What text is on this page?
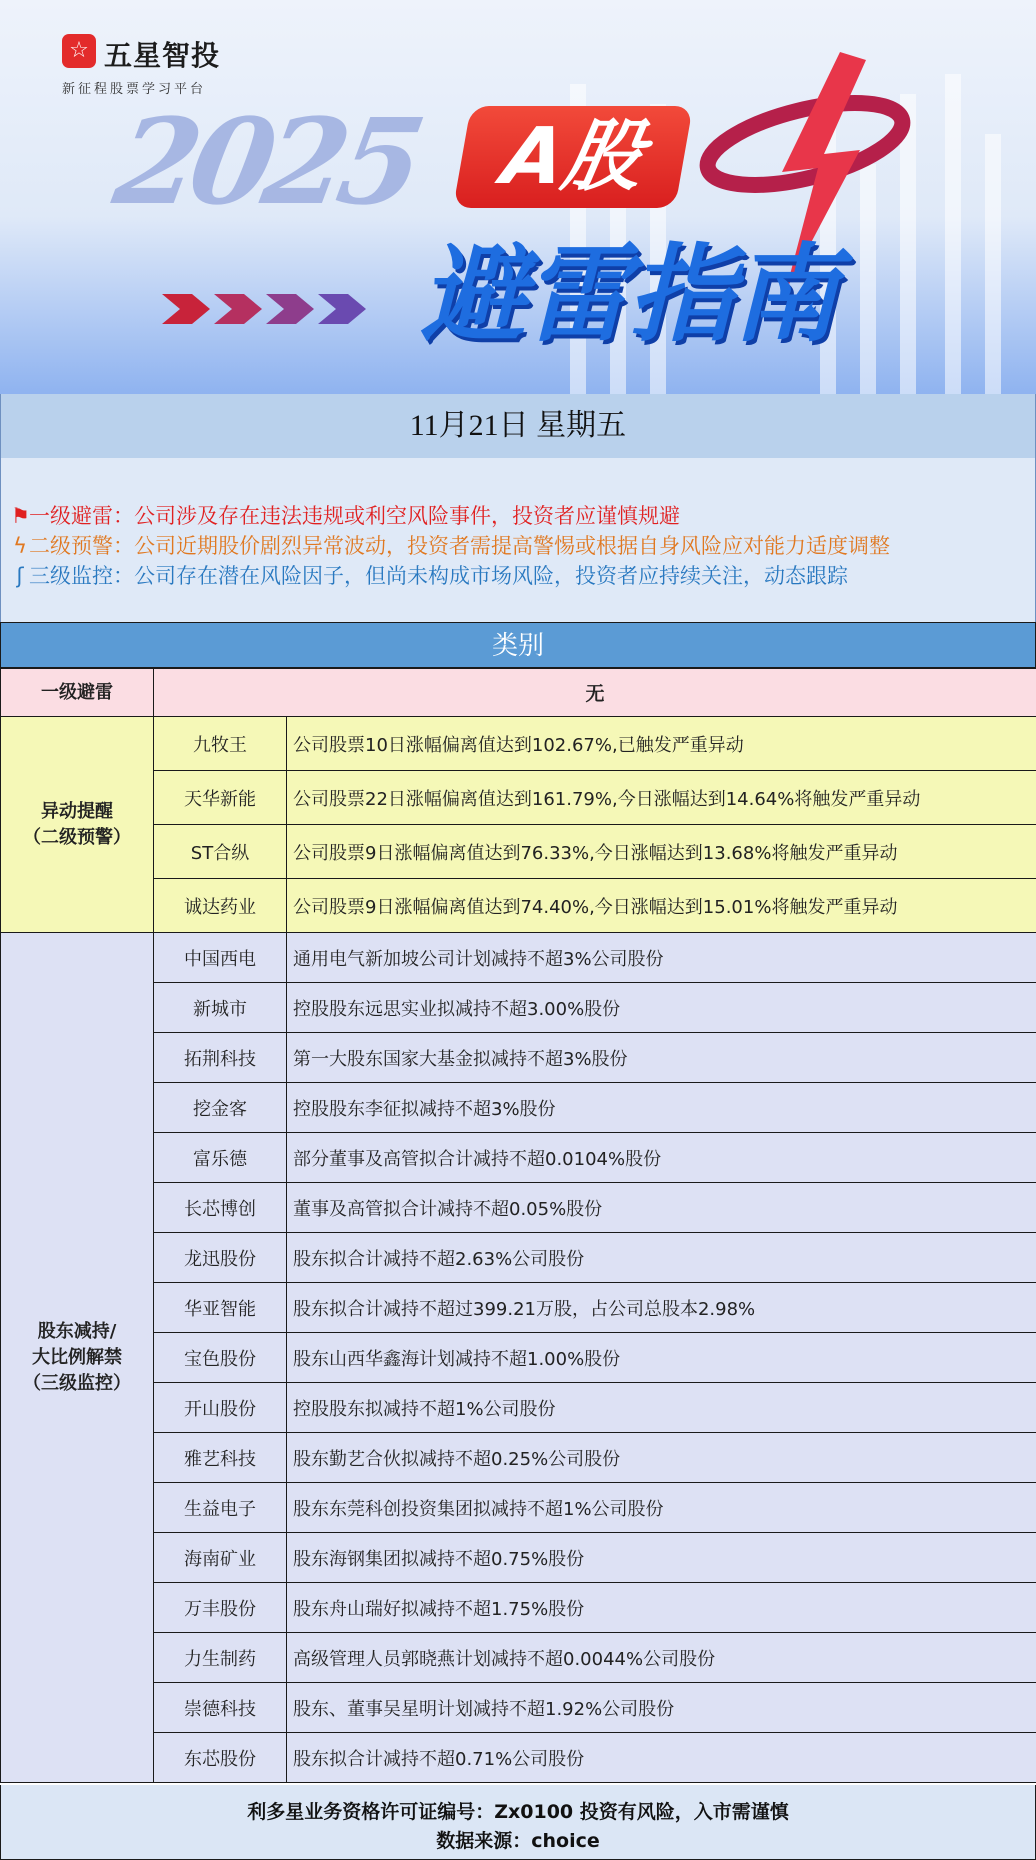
☆ 五星智投
新征程股票学习平台
2025 A股
避雷指南
11月21日 星期五
⚑一级避雷：公司涉及存在违法违规或利空风险事件，投资者应谨慎规避
ϟ二级预警：公司近期股价剧烈异常波动，投资者需提高警惕或根据自身风险应对能力适度调整
ʃ 三级监控：公司存在潜在风险因子，但尚未构成市场风险，投资者应持续关注，动态跟踪
类别
一级避雷	无	

异动提醒
（二级预警）	九牧王	公司股票10日涨幅偏离值达到102.67%,已触发严重异动
	天华新能	公司股票22日涨幅偏离值达到161.79%,今日涨幅达到14.64%将触发严重异动
	ST合纵	公司股票9日涨幅偏离值达到76.33%,今日涨幅达到13.68%将触发严重异动
	诚达药业	公司股票9日涨幅偏离值达到74.40%,今日涨幅达到15.01%将触发严重异动

股东减持/
大比例解禁
（三级监控）	中国西电	通用电气新加坡公司计划减持不超3%公司股份
	新城市	控股股东远思实业拟减持不超3.00%股份
	拓荆科技	第一大股东国家大基金拟减持不超3%股份
	挖金客	控股股东李征拟减持不超3%股份
	富乐德	部分董事及高管拟合计减持不超0.0104%股份
	长芯博创	董事及高管拟合计减持不超0.05%股份
	龙迅股份	股东拟合计减持不超2.63%公司股份
	华亚智能	股东拟合计减持不超过399.21万股，占公司总股本2.98%
	宝色股份	股东山西华鑫海计划减持不超1.00%股份
	开山股份	控股股东拟减持不超1%公司股份
	雅艺科技	股东勤艺合伙拟减持不超0.25%公司股份
	生益电子	股东东莞科创投资集团拟减持不超1%公司股份
	海南矿业	股东海钢集团拟减持不超0.75%股份
	万丰股份	股东舟山瑞好拟减持不超1.75%股份
	力生制药	高级管理人员郭晓燕计划减持不超0.0044%公司股份
	崇德科技	股东、董事吴星明计划减持不超1.92%公司股份
	东芯股份	股东拟合计减持不超0.71%公司股份
利多星业务资格许可证编号：Zx0100 投资有风险，入市需谨慎
数据来源：choice
